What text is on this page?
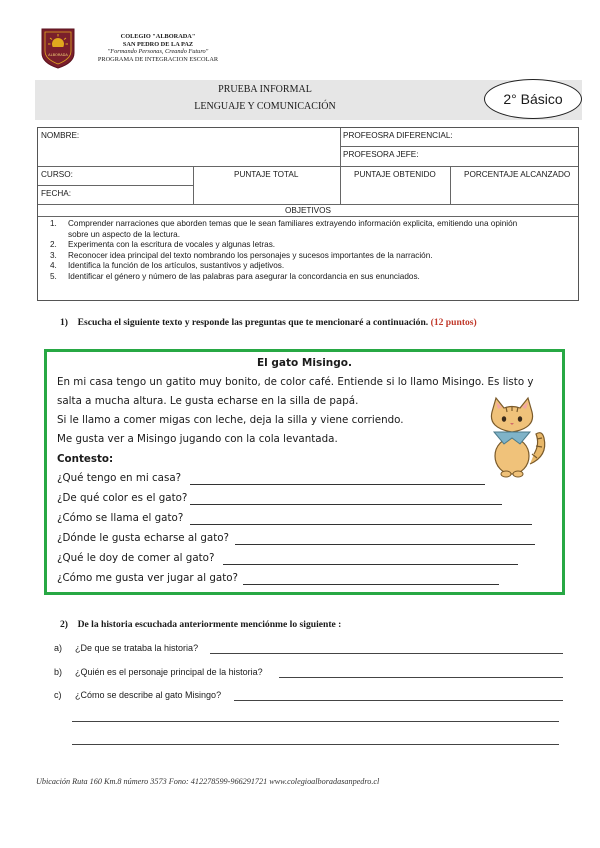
ALBORADA
COLEGIO "ALBORADA"
SAN PEDRO DE LA PAZ
"Formando Personas, Creando Futuro"
PROGRAMA DE INTEGRACION ESCOLAR
PRUEBA INFORMAL
LENGUAJE Y COMUNICACIÓN	2° Básico
NOMBRE:	PROFEOSRA DIFERENCIAL:
PROFESORA JEFE:
CURSO:	PUNTAJE TOTAL	PUNTAJE OBTENIDO	PORCENTAJE ALCANZADO
FECHA:
OBJETIVOS
1. Comprender narraciones que aborden temas que le sean familiares extrayendo información explicita, emitiendo una opinión
sobre un aspecto de la lectura.
2. Experimenta con la escritura de vocales y algunas letras.
3. Reconocer idea principal del texto nombrando los personajes y sucesos importantes de la narración.
4. Identifica la función de los artículos, sustantivos y adjetivos.
5. Identificar el género y número de las palabras para asegurar la concordancia en sus enunciados.
1) Escucha el siguiente texto y responde las preguntas que te mencionaré a continuación. (12 puntos)
El gato Misingo.
En mi casa tengo un gatito muy bonito, de color café. Entiende si lo llamo Misingo. Es listo y
salta a mucha altura. Le gusta echarse en la silla de papá.
Si le llamo a comer migas con leche, deja la silla y viene corriendo.
Me gusta ver a Misingo jugando con la cola levantada.
Contesto:
¿Qué tengo en mi casa?
¿De qué color es el gato?
¿Cómo se llama el gato?
¿Dónde le gusta echarse al gato?
¿Qué le doy de comer al gato?
¿Cómo me gusta ver jugar al gato?
2) De la historia escuchada anteriormente menciónme lo siguiente :
a) ¿De que se trataba la historia?
b) ¿Quién es el personaje principal de la historia?
c) ¿Cómo se describe al gato Misingo?
Ubicación Ruta 160 Km.8 número 3573 Fono: 412278599-966291721 www.colegioalboradasanpedro.cl
